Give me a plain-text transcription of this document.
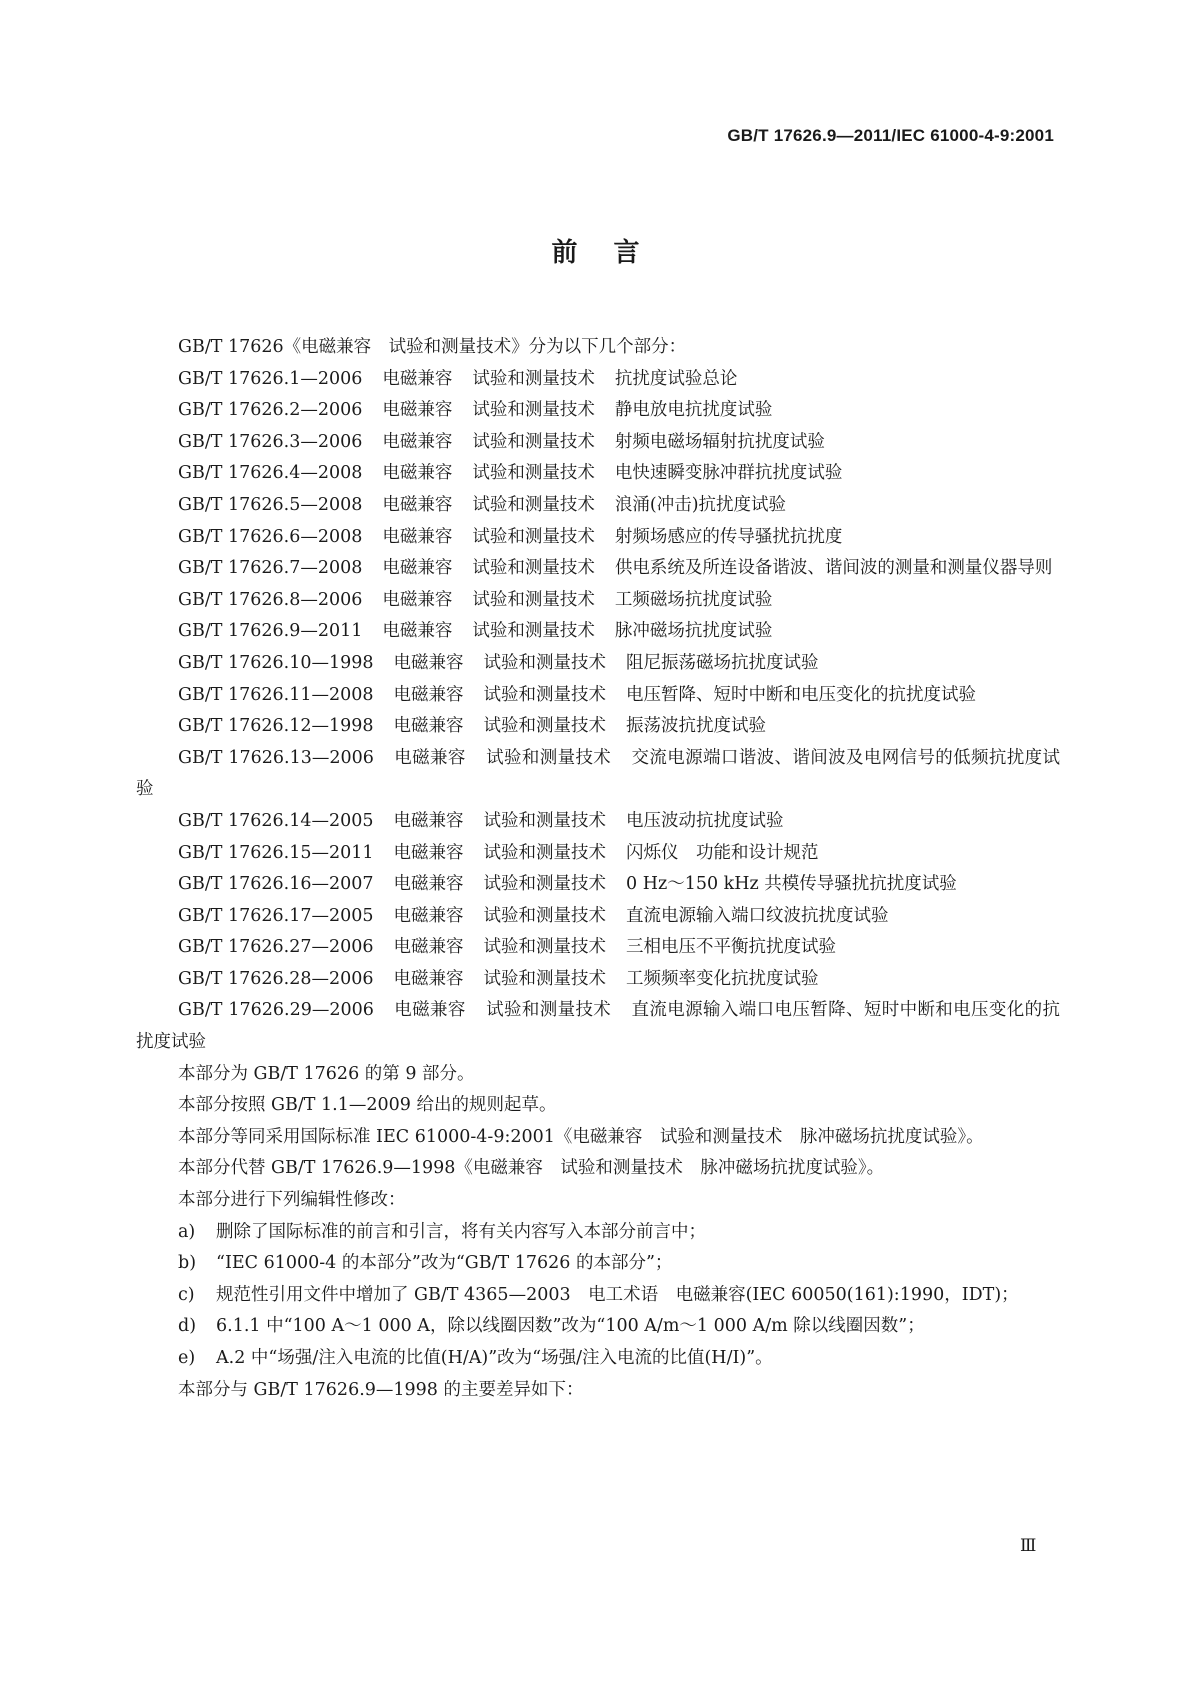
GB/T 17626.9—2011/IEC 61000-4-9:2001
前言

GB/T 17626《电磁兼容　试验和测量技术》分为以下几个部分：

GB/T 17626.1—2006 电磁兼容 试验和测量技术 抗扰度试验总论

GB/T 17626.2—2006 电磁兼容 试验和测量技术 静电放电抗扰度试验

GB/T 17626.3—2006 电磁兼容 试验和测量技术 射频电磁场辐射抗扰度试验

GB/T 17626.4—2008 电磁兼容 试验和测量技术 电快速瞬变脉冲群抗扰度试验

GB/T 17626.5—2008 电磁兼容 试验和测量技术 浪涌(冲击)抗扰度试验

GB/T 17626.6—2008 电磁兼容 试验和测量技术 射频场感应的传导骚扰抗扰度

GB/T 17626.7—2008 电磁兼容 试验和测量技术 供电系统及所连设备谐波、谐间波的测量和测量仪器导则

GB/T 17626.8—2006 电磁兼容 试验和测量技术 工频磁场抗扰度试验

GB/T 17626.9—2011 电磁兼容 试验和测量技术 脉冲磁场抗扰度试验

GB/T 17626.10—1998 电磁兼容 试验和测量技术 阻尼振荡磁场抗扰度试验

GB/T 17626.11—2008 电磁兼容 试验和测量技术 电压暂降、短时中断和电压变化的抗扰度试验

GB/T 17626.12—1998 电磁兼容 试验和测量技术 振荡波抗扰度试验

GB/T 17626.13—2006 电磁兼容 试验和测量技术 交流电源端口谐波、谐间波及电网信号的低频抗扰度试验

GB/T 17626.14—2005 电磁兼容 试验和测量技术 电压波动抗扰度试验

GB/T 17626.15—2011 电磁兼容 试验和测量技术 闪烁仪　功能和设计规范

GB/T 17626.16—2007 电磁兼容 试验和测量技术 0 Hz～150 kHz 共模传导骚扰抗扰度试验

GB/T 17626.17—2005 电磁兼容 试验和测量技术 直流电源输入端口纹波抗扰度试验

GB/T 17626.27—2006 电磁兼容 试验和测量技术 三相电压不平衡抗扰度试验

GB/T 17626.28—2006 电磁兼容 试验和测量技术 工频频率变化抗扰度试验

GB/T 17626.29—2006 电磁兼容 试验和测量技术 直流电源输入端口电压暂降、短时中断和电压变化的抗扰度试验

本部分为 GB/T 17626 的第 9 部分。

本部分按照 GB/T 1.1—2009 给出的规则起草。

本部分等同采用国际标准 IEC 61000-4-9:2001《电磁兼容　试验和测量技术　脉冲磁场抗扰度试验》。

本部分代替 GB/T 17626.9—1998《电磁兼容　试验和测量技术　脉冲磁场抗扰度试验》。

本部分进行下列编辑性修改：

a)	删除了国际标准的前言和引言，将有关内容写入本部分前言中；
b)	“IEC 61000-4 的本部分”改为“GB/T 17626 的本部分”；
c)	规范性引用文件中增加了 GB/T 4365—2003　电工术语　电磁兼容(IEC 60050(161):1990，IDT)；
d)	6.1.1 中“100 A～1 000 A，除以线圈因数”改为“100 A/m～1 000 A/m 除以线圈因数”；
e)	A.2 中“场强/注入电流的比值(H/A)”改为“场强/注入电流的比值(H/I)”。

本部分与 GB/T 17626.9—1998 的主要差异如下：

Ⅲ
